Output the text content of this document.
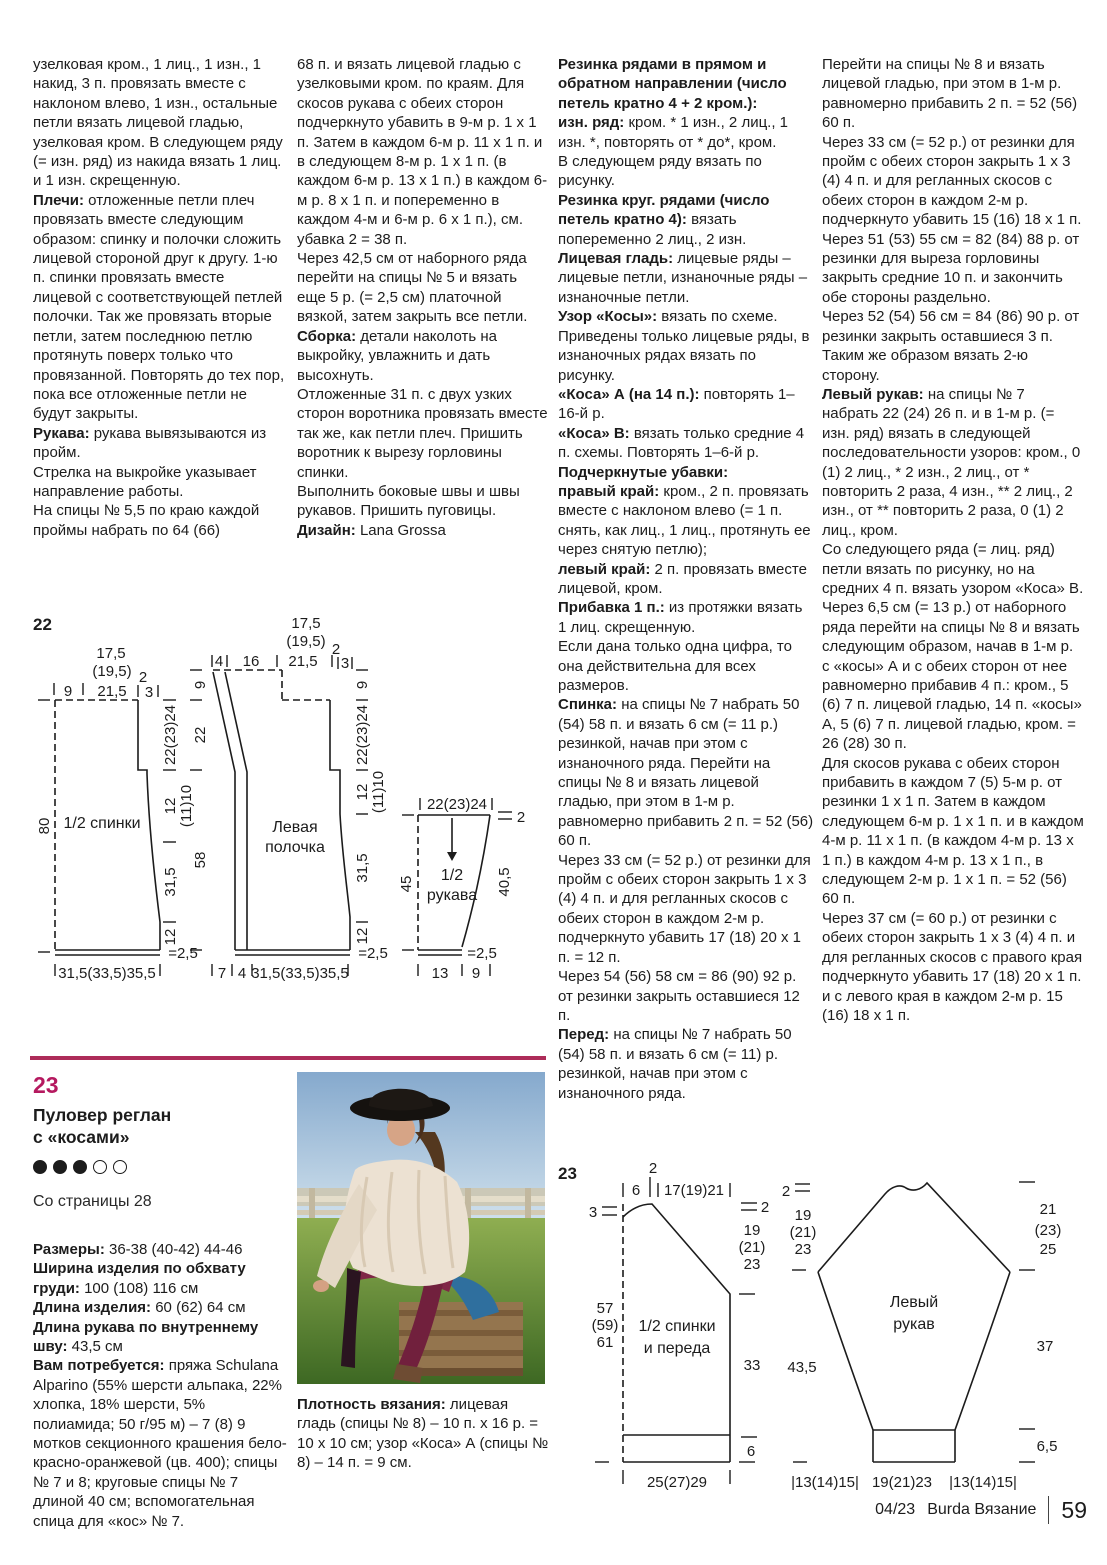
узелковая кром., 1 лиц., 1 изн., 1 накид, 3 п. провязать вместе с наклоном влево, 1 изн., остальные петли вязать лицевой гладью, узелковая кром. В следующем ряду (= изн. ряд) из накида вязать 1 лиц. и 1 изн. скрещенную.

Плечи: отложенные петли плеч провязать вместе следующим образом: спинку и полочки сложить лицевой стороной друг к другу. 1-ю п. спинки провязать вместе лицевой с соответствующей петлей полочки. Так же провязать вторые петли, затем последнюю петлю протянуть поверх только что провязанной. Повторять до тех пор, пока все отложенные петли не будут закрыты.

Рукава: рукава вывязываются из пройм.

Стрелка на выкройке указывает направление работы.

На спицы № 5,5 по краю каждой проймы набрать по 64 (66)

68 п. и вязать лицевой гладью с узелковыми кром. по краям. Для скосов рукава с обеих сторон подчеркнуто убавить в 9-м р. 1 х 1 п. Затем в каждом 6-м р. 11 х 1 п. и в следующем 8-м р. 1 х 1 п. (в каждом 6-м р. 13 х 1 п.) в каждом 6-м р. 8 х 1 п. и попеременно в каждом 4-м и 6-м р. 6 х 1 п.), см. убавка 2 = 38 п.

Через 42,5 см от наборного ряда перейти на спицы № 5 и вязать еще 5 р. (= 2,5 см) платочной вязкой, затем закрыть все петли.

Сборка: детали наколоть на выкройку, увлажнить и дать высохнуть.

Отложенные 31 п. с двух узких сторон воротника провязать вместе так же, как петли плеч. Пришить воротник к вырезу горловины спинки.

Выполнить боковые швы и швы рукавов. Пришить пуговицы.

Дизайн: Lana Grossa

Резинка рядами в прямом и обратном направлении (число петель кратно 4 + 2 кром.):

изн. ряд: кром. * 1 изн., 2 лиц., 1 изн. *, повторять от * до*, кром.

В следующем ряду вязать по рисунку.

Резинка круг. рядами (число петель кратно 4): вязать попеременно 2 лиц., 2 изн.

Лицевая гладь: лицевые ряды – лицевые петли, изнаночные ряды – изнаночные петли.

Узор «Косы»: вязать по схеме. Приведены только лицевые ряды, в изнаночных рядах вязать по рисунку.

«Коса» А (на 14 п.): повторять 1–16-й р.

«Коса» В: вязать только средние 4 п. схемы. Повторять 1–6-й р.

Подчеркнутые убавки:

правый край: кром., 2 п. провязать вместе с наклоном влево (= 1 п. снять, как лиц., 1 лиц., протянуть ее через снятую петлю);

левый край: 2 п. провязать вместе лицевой, кром.

Прибавка 1 п.: из протяжки вязать 1 лиц. скрещенную.

Если дана только одна цифра, то она действительна для всех размеров.

Спинка: на спицы № 7 набрать 50 (54) 58 п. и вязать 6 см (= 11 р.) резинкой, начав при этом с изнаночного ряда. Перейти на спицы № 8 и вязать лицевой гладью, при этом в 1-м р. равномерно прибавить 2 п. = 52 (56) 60 п.

Через 33 см (= 52 р.) от резинки для пройм с обеих сторон закрыть 1 х 3 (4) 4 п. и для регланных скосов с обеих сторон в каждом 2-м р. подчеркнуто убавить 17 (18) 20 х 1 п. = 12 п.

Через 54 (56) 58 см = 86 (90) 92 р. от резинки закрыть оставшиеся 12 п.

Перед: на спицы № 7 набрать 50 (54) 58 п. и вязать 6 см (= 11) р. резинкой, начав при этом с изнаночного ряда.

Перейти на спицы № 8 и вязать лицевой гладью, при этом в 1-м р. равномерно прибавить 2 п. = 52 (56) 60 п.

Через 33 см (= 52 р.) от резинки для пройм с обеих сторон закрыть 1 х 3 (4) 4 п. и для регланных скосов с обеих сторон в каждом 2-м р. подчеркнуто убавить 15 (16) 18 х 1 п.

Через 51 (53) 55 см = 82 (84) 88 р. от резинки для выреза горловины закрыть средние 10 п. и закончить обе стороны раздельно.

Через 52 (54) 56 см = 84 (86) 90 р. от резинки закрыть оставшиеся 3 п.

Таким же образом вязать 2-ю сторону.

Левый рукав: на спицы № 7 набрать 22 (24) 26 п. и в 1-м р. (= изн. ряд) вязать в следующей последовательности узоров: кром., 0 (1) 2 лиц., * 2 изн., 2 лиц., от * повторить 2 раза, 4 изн., ** 2 лиц., 2 изн., от ** повторить 2 раза, 0 (1) 2 лиц., кром.

Со следующего ряда (= лиц. ряд) петли вязать по рисунку, но на средних 4 п. вязать узором «Коса» В.

Через 6,5 см (= 13 р.) от наборного ряда перейти на спицы № 8 и вязать следующим образом, начав в 1-м р. с «косы» А и с обеих сторон от нее равномерно прибавив 4 п.: кром., 5 (6) 7 п. лицевой гладью, 14 п. «косы» А, 5 (6) 7 п. лицевой гладью, кром. = 26 (28) 30 п.

Для скосов рукава с обеих сторон прибавить в каждом 7 (5) 5-м р. от резинки 1 х 1 п. Затем в каждом следующем 6-м р. 1 х 1 п. и в каждом 4-м р. 11 х 1 п. (в каждом 4-м р. 13 х 1 п.) в каждом 4-м р. 13 х 1 п., в следующем 2-м р. 1 х 1 п. = 52 (56) 60 п.

Через 37 см (= 60 р.) от резинки с обеих сторон закрыть 1 х 3 (4) 4 п. и для регланных скосов с правого края подчеркнуто убавить 17 (18) 20 х 1 п. и с левого края в каждом 2-м р. 15 (16) 18 х 1 п.

22
17,5
(19,5) 2
9 21,5 3
80
22(23)24
12 (11)10
31,5
12
=2,5
31,5(33,5)35,5
1/2 спинки
17,5
(19,5) 2
4 16 21,5 3
9
22
58
9
22(23)24
12 (11)10
31,5
12
=2,5
7 4 31,5(33,5)35,5
Левая
полочка
22(23)24
2
45	40,5
=2,5
13 9
1/2
рукава
23
Пуловер реглан
с «косами»
Со страницы 28

Размеры: 36-38 (40-42) 44-46

Ширина изделия по обхвату груди: 100 (108) 116 см

Длина изделия: 60 (62) 64 см

Длина рукава по внутреннему шву: 43,5 см

Вам потребуется: пряжа Schulana Alparino (55% шерсти альпака, 22% хлопка, 18% шерсти, 5% полиамида; 50 г/95 м) – 7 (8) 9 мотков секционного крашения бело-красно-оранжевой (цв. 400); спицы № 7 и 8; круговые спицы № 7 длиной 40 см; вспомогательная спица для «кос» № 7.

Плотность вязания: лицевая гладь (спицы № 8) – 10 п. х 16 р. = 10 х 10 см; узор «Коса» А (спицы № 8) – 14 п. = 9 см.

23	2
6 17(19)21
3
57
(59)
61
2
19
(21)
23
33
6
25(27)29
1/2 спинки
и переда
2
19
(21)
23
43,5
21
(23)
25
37
6,5
|13(14)15| 19(21)23 |13(14)15|
Левый
рукав
04/23 Burda Вязание	59
